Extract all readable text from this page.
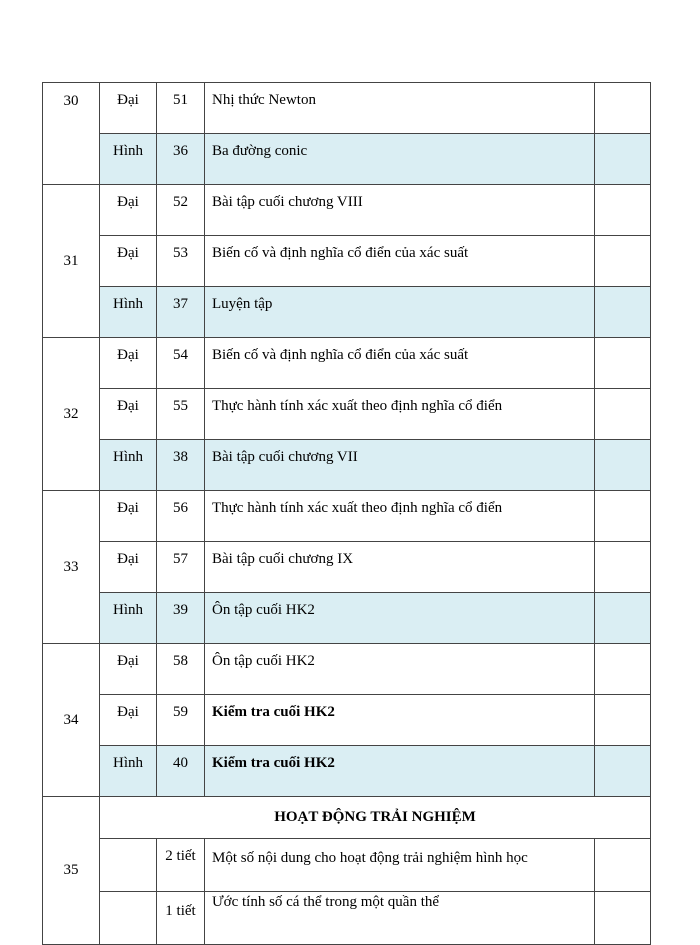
30	Đại	51	Nhị thức Newton	
	Hình	36	Ba đường conic	
31	Đại	52	Bài tập cuối chương VIII	
	Đại	53	Biến cố và định nghĩa cổ điển của xác suất	
	Hình	37	Luyện tập	
32	Đại	54	Biến cố và định nghĩa cổ điển của xác suất	
	Đại	55	Thực hành tính xác xuất theo định nghĩa cổ điển	
	Hình	38	Bài tập cuối chương VII	
33	Đại	56	Thực hành tính xác xuất theo định nghĩa cổ điển	
	Đại	57	Bài tập cuối chương IX	
	Hình	39	Ôn tập cuối HK2	
34	Đại	58	Ôn tập cuối HK2	
	Đại	59	Kiểm tra cuối HK2	
	Hình	40	Kiểm tra cuối HK2	
35	HOẠT ĐỘNG TRẢI NGHIỆM			
		2 tiết	Một số nội dung cho hoạt động trải nghiệm hình học	
		1 tiết	Ước tính số cá thể trong một quần thể	
